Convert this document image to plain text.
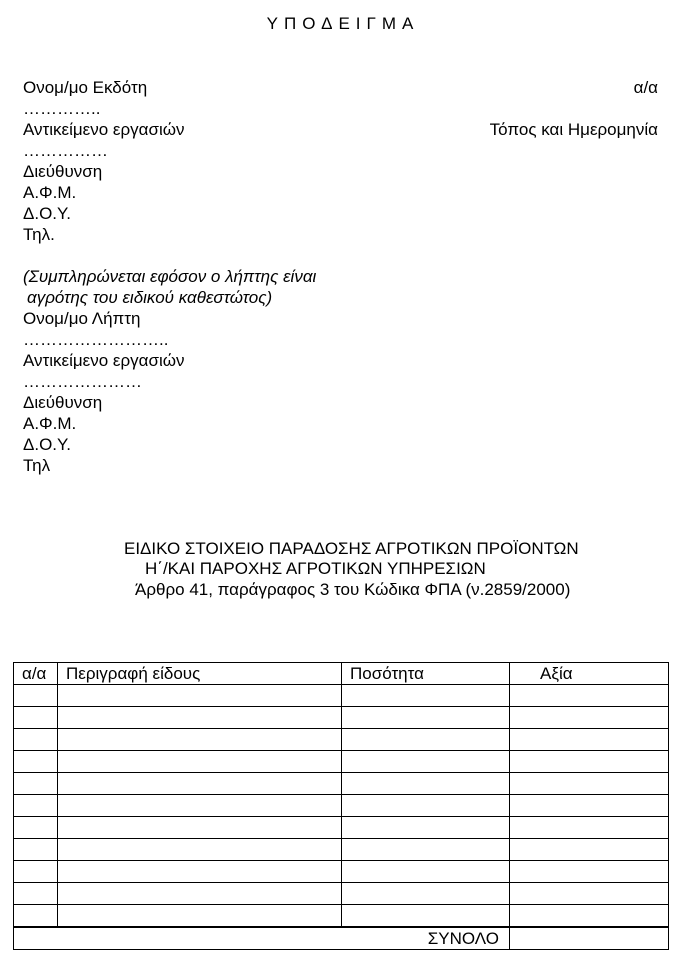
ΥΠΟΔΕΙΓΜΑ
Ονομ/μο Εκδότη	α/α
…………..
Αντικείμενο εργασιών	Τόπος και Ημερομηνία
……………
Διεύθυνση
Α.Φ.Μ.
Δ.Ο.Υ.
Τηλ.
(Συμπληρώνεται εφόσον ο λήπτης είναι
αγρότης του ειδικού καθεστώτος)
Ονομ/μο Λήπτη
……………………..
Αντικείμενο εργασιών
…………………
Διεύθυνση
Α.Φ.Μ.
Δ.Ο.Υ.
Τηλ
ΕΙΔΙΚΟ ΣΤΟΙΧΕΙΟ ΠΑΡΑΔΟΣΗΣ ΑΓΡΟΤΙΚΩΝ ΠΡΟΪΟΝΤΩΝ
Η΄/ΚΑΙ ΠΑΡΟΧΗΣ ΑΓΡΟΤΙΚΩΝ ΥΠΗΡΕΣΙΩΝ
Άρθρο 41, παράγραφος 3 του Κώδικα ΦΠΑ (ν.2859/2000)
α/α	Περιγραφή είδους	Ποσότητα	Αξία

ΣΥΝΟΛΟ			
